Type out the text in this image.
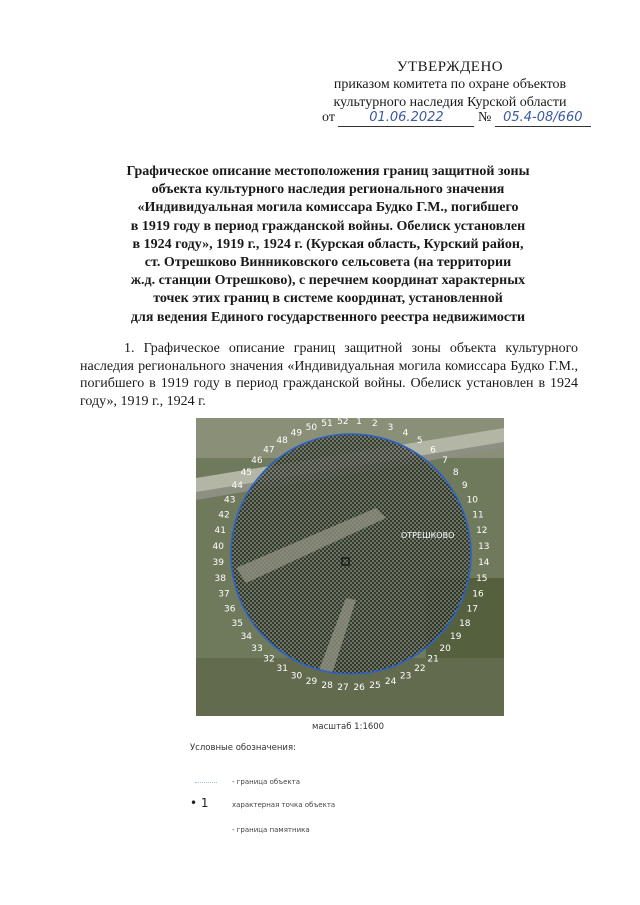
УТВЕРЖДЕНО
приказом комитета по охране объектов
культурного наследия Курской области
от	01.06.2022 № 05.4-08/660
Графическое описание местоположения границ защитной зоны
объекта культурного наследия регионального значения
«Индивидуальная могила комиссара Будко Г.М., погибшего
в 1919 году в период гражданской войны. Обелиск установлен
в 1924 году», 1919 г., 1924 г. (Курская область, Курский район,
ст. Отрешково Винниковского сельсовета (на территории
ж.д. станции Отрешково), с перечнем координат характерных
точек этих границ в системе координат, установленной
для ведения Единого государственного реестра недвижимости
1. Графическое описание границ защитной зоны объекта культурного наследия регионального значения «Индивидуальная могила комиссара Будко Г.М., погибшего в 1919 году в период гражданской войны. Обелиск установлен в 1924 году», 1919 г., 1924 г.
1 2 3
4
5
6
7
8
9
10
11
12
13
14
15
16
17
18
19
20
21
22
23
24
25
26
27
28
29
30
31
32
33
34
35
36
37
38
39
40
41
42
43
44
45
46
47
48
49
50 51 52
ОТРЕШКОВО
масштаб 1:1600
Условные обозначения:
- граница объекта
• 1	характерная точка объекта
- граница памятника
